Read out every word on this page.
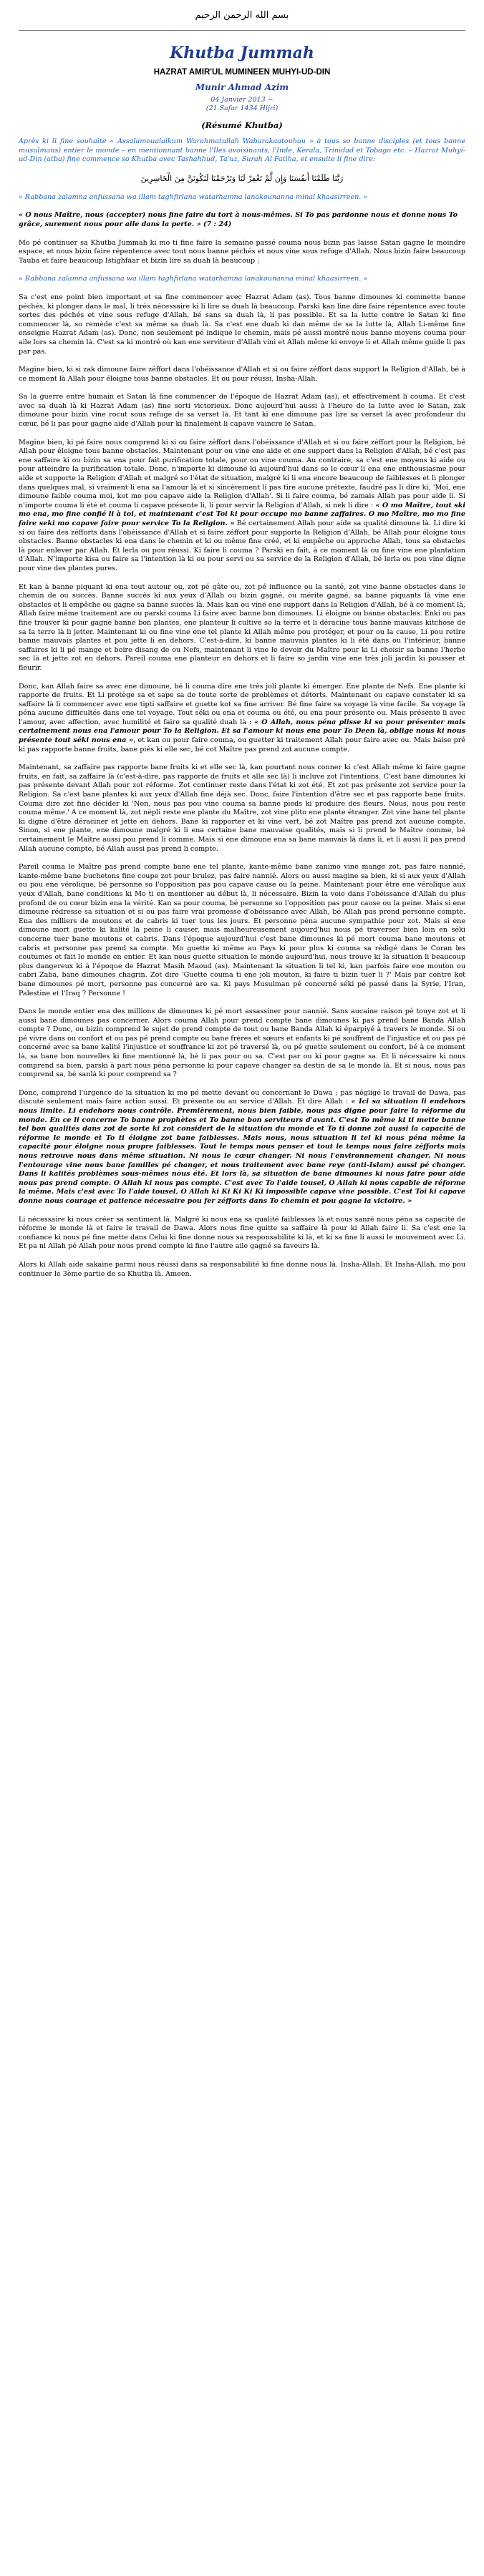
بسم الله الرحمن الرحيم
Khutba Jummah
HAZRAT AMIR'UL MUMINEEN MUHYI-UD-DIN
Munir Ahmad Azim
04 Janvier 2013 ~
(21 Safar 1434 Hijri)
(Résumé Khutba)

Après ki li fine souhaite « Assalamoualaikum Warahmatullah Wabarakaatouhou » à tous so banne disciples (et tous banne musulmans) entier le monde – en mentionnant banne l'Iles avoisinants, l'Inde, Kerala, Trinidad et Tobago etc. – Hazrat Muhyi-ud-Din (atba) fine commence so Khutba avec Tashahhud, Ta'uz, Surah Al Fatiha, et ensuite li fine dire:

رَبَّنَا ظَلَمْنَا أَنفُسَنَا وَإِن لَّمْ تَغْفِرْ لَنَا وَتَرْحَمْنَا لَنَكُونَنَّ مِنَ الْخَاسِرِينَ

« Rabbana zalamna anfussana wa illam taghfirlana watarhamna lanakounanna minal khaasirreen. »

« O nous Maître, nous (accepter) nous fine faire du tort à nous-mêmes. Si To pas pardonne nous et donne nous To grâce, surement nous pour aile dans la perte. » (7 : 24)

Mo pé continuer sa Khutba Jummah ki mo ti fine faire la semaine passé couma nous bizin pas laisse Satan gagne le moindre espace, et nous bizin faire répentence avec tout nous banne péchés et nous vine sous refuge d'Allah. Nous bizin faire beaucoup Tauba et faire beaucoup Istighfaar et bizin lire sa duah là beaucoup :

« Rabbana zalamna anfussana wa illam taghfirlana watarhamna lanakounanna minal khaasirreen. »

Sa c'est ene point bien important et sa fine commencer avec Hazrat Adam (as). Tous banne dimounes ki commette banne péchés, ki plonger dans le mal, li très nécessaire ki li lire sa duah là beaucoup. Parski kan line dire faire répentence avec toute sortes des péchés et vine sous refuge d'Allah, bé sans sa duah là, li pas possible. Et sa la lutte contre le Satan ki fine commencer là, so remède c'est sa même sa duah là. Sa c'est ene duah ki dan même de sa la lutte là, Allah Li-même fine enseigne Hazrat Adam (as). Donc, non seulement pé indique le chemin, mais pé aussi montré nous banne moyens couma pour aile lors sa chemin là. C'est sa ki montré où kan ene serviteur d'Allah vini et Allah même ki envoye li et Allah même guide li pas par pas.

Magine bien, ki si zak dimoune faire zéffort dans l'obéissance d'Allah et si ou faire zéffort dans support la Religion d'Allah, bé à ce moment là Allah pour éloigne tous banne obstacles. Et ou pour réussi, Insha-Allah.

Sa la guerre entre humain et Satan là fine commencer de l'époque de Hazrat Adam (as), et effectivement li couma. Et c'est avec sa duah là ki Hazrat Adam (as) fine sorti victorieux. Donc aujourd'hui aussi à l'heure de la lutte avec le Satan, zak dimoune pour bizin vine rocut sous refuge de sa verset là. Et tant ki ene dimoune pas lire sa verset là avec profondeur du cœur, bé li pas pour gagne aide d'Allah pour ki finalement li capave vaincre le Satan.

Magine bien, ki pé faire nous comprend ki si ou faire zéffort dans l'obéissance d'Allah et si ou faire zéffort pour la Religion, bé Allah pour éloigne tous banne obstacles. Maintenant pour ou vine ene aide et ene support dans la Religion d'Allah, bé c'est pas ene saffaire ki ou bizin sa ena pour fait purification totale, pour ou vine couma. Au contraire, sa c'est ene moyens ki aide ou pour atteindre la purification totale. Donc, n'importe ki dimoune ki aujourd'hui dans so le cœur li ena ene enthousiasme pour aide et supporte la Religion d'Allah et malgré so l'état de situation, malgré ki li ena encore beaucoup de faiblesses et li plonger dans quelques mal, si vraiment li ena sa l'amour là et si sincèrement li pas tire aucune prétexte, faudré pas li dire ki, 'Moi, ene dimoune faible couma moi, kot mo pou capave aide la Religion d'Allah'. Si li faire couma, bé zamais Allah pas pour aide li. Si n'importe couma li été et couma li capave présente li, li pour servir la Religion d'Allah, si nek li dire : « O mo Maître, tout ski mo ena, mo fine confié li à toi, et maintenant c'est Toi ki pour occupe mo banne zaffaires. O mo Maître, mo mo fine faire seki mo capave faire pour service To la Religion. » Bé certainement Allah pour aide sa qualité dimoune là. Li dire ki si ou faire des zéfforts dans l'obéissance d'Allah et si faire zéffort pour supporte la Religion d'Allah, bé Allah pour éloigne tous obstacles. Banne obstacles ki ena dans le chemin et ki ou même fine créé, et ki empêche ou approche Allah, tous sa obstacles là pour enlever par Allah. Et lerla ou pou réussi. Ki faire li couma ? Parski en fait, à ce moment là ou fine vine ene plantation d'Allah. N'importe kisa ou faire sa l'intention là ki ou pour servi ou sa service de la Religion d'Allah, bé lerla ou pou vine digne pour vine des plantes pures.

Et kan à banne piquant ki ena tout autour ou, zot pé gâte ou, zot pé influence ou la santé, zot vine banne obstacles dans le chemin de ou succès. Banne succès ki aux yeux d'Allah ou bizin gagné, ou mérite gagné, sa banne piquants là vine ene obstacles et li empêche ou gagne sa banne succès là. Mais kan ou vine ene support dans la Religion d'Allah, bé à ce moment là, Allah faire même traitement are ou parski couma Li faire avec banne bon dimounes. Li éloigne ou banne obstacles. Enki ou pas fine trouver ki pour gagne banne bon plantes, ene planteur li cultive so la terre et li déracine tous banne mauvais kitchose de sa la terre là li jetter. Maintenant ki ou fine vine ene tel plante ki Allah même pou protéger, et pour ou la cause, Li pou retire banne mauvais plantes et pou jette li en dehors. C'est-à-dire, ki banne mauvais plantes ki li été dans ou l'intérieur, banne saffaires ki li pé mange et boire disang de ou Nefs, maintenant li vine le devoir du Maître pour ki Li choisir sa banne l'herbe sec là et jette zot en dehors. Pareil couma ene planteur en dehors et li faire so jardin vine ene très joli jardin ki pousser et fleurir.

Donc, kan Allah faire sa avec ene dimoune, bé li couma dire ene très joli plante ki émerger. Ene plante de Nefs. Ene plante ki rapporte de fruits. Et Li protège sa et sape sa de toute sorte de problèmes et détorts. Maintenant ou capave constater ki sa saffaire là li commencer avec ene tipti saffaire et guette kot sa fine arriver. Bé fine faire sa voyage là vine facile. Sa voyage là péna aucune difficultés dans ene tel voyage. Tout séki ou ena et couma ou été, ou ena pour présente ou. Mais présente li avec l'amour, avec affection, avec humilité et faire sa qualité duah là : « O Allah, nous péna plisse ki sa pour présenter mais certainement nous ena l'amour pour To la Religion. Et sa l'amour ki nous ena pour To Deen là, oblige nous ki nous présente tout séki nous ena », et kan ou pour faire couma, ou guetter ki traitement Allah pour faire avec ou. Mais baise pré ki pas rapporte banne fruits, bane piés ki elle sec, bé cot Maître pas prend zot aucune compte.

Maintenant, sa zaffaire pas rapporte bane fruits ki et elle sec là, kan pourtant nous conner ki c'est Allah même ki faire gagne fruits, en fait, sa zaffaire là (c'est-à-dire, pas rapporte de fruits et alle sec là) li incluve zot l'intentions. C'est bane dimounes ki pas présente devant Allah pour zot réforme. Zot continuer reste dans l'état ki zot été. Et zot pas présente zot service pour la Religion. Sa c'est bane plantes ki aux yeux d'Allah fine déjà sec. Donc, faire l'intention d'être sec et pas rapporte bane fruits. Couma dire zot fine décider ki 'Non, nous pas pou vine couma sa banne pieds ki produire des fleurs. Nous, nous pou reste couma même.' A ce moment là, zot népli reste ene plante du Maître, zot vine plito ene plante étranger. Zot vine bane tel plante ki digne d'être déraciner et jette en dehors. Bane ki rapporter et ki vine vert, bé zot Maître pas prend zot aucune compte. Sinon, si ene plante, ene dimoune malgré ki li ena certaine bane mauvaise qualités, mais si li prend le Maître comme, bé certainement le Maître aussi pou prend li comme. Mais si ene dimoune ena sa bane mauvais là dans li, et li aussi li pas prend Allah aucune compte, bé Allah aussi pas prend li compte.

Pareil couma le Maître pas prend compte bane ene tel plante, kante-même bane zanimo vine mange zot, pas faire nannié, kante-même bane buchetons fine coupe zot pour brulez, pas faire nannié. Alors ou aussi magine sa bien, ki si aux yeux d'Allah ou pou ene vérolique, bé personne so l'opposition pas pou capave cause ou la peine. Maintenant pour être ene vérolique aux yeux d'Allah, bane conditions ki Mo ti en mentioner au début là, li nécessaire. Bizin la voie dans l'obéissance d'Allah du plus profond de ou cœur bizin ena la vérité. Kan sa pour couma, bé personne so l'opposition pas pour cause ou la peine. Mais si ene dimoune rédresse sa situation et si ou pas faire vrai promesse d'obéissance avec Allah, bé Allah pas prend personne compte. Ena des milliers de moutons et de cabris ki tuer tous les jours. Et personne péna aucune sympathie pour zot. Mais si ene dimoune mort guette ki kalité la peine li causer, mais malheureusement aujourd'hui nous pé traverser bien loin en séki concerne tuer bane moutons et cabris. Dans l'époque aujourd'hui c'est bane dimounes ki pé mort couma bane moutons et cabris et personne pas prend sa compte. Mo guette ki même au Pays ki pour plus ki couma sa rédigé dans le Coran les coutumes et fait le monde en entier. Et kan nous guette situation le monde aujourd'hui, nous trouve ki la situation li beaucoup plus dangereux ki à l'époque de Hazrat Masih Maoud (as). Maintenant la situation li tel ki, kan parfois faire ene mouton ou cabri Zaba, bane dimounes chagrin. Zot dire 'Guette couma ti ene joli mouton, ki faire ti bizin tuer li ?' Mais par contre kot bane dimounes pé mort, personne pas concerné are sa. Ki pays Musulman pé concerné séki pé passé dans la Syrie, l'Iran, Palestine et l'Iraq ? Personne !

Dans le monde entier ena des millions de dimounes ki pé mort assassiner pour nannié. Sans aucaine raison pé touye zot et li aussi bane dimounes pas concerner. Alors couma Allah pour prend compte bane dimounes ki pas prend bane Banda Allah compte ? Donc, ou bizin comprend le sujet de prend compte de tout ou bane Banda Allah ki éparpiyé à travers le monde. Si ou pé vivre dans ou confort et ou pas pé prend compte ou bane frères et sœurs et enfants ki pé souffrent de l'injustice et ou pas pé concerné avec sa bane kalité l'injustice et souffrance ki zot pé traversé là, ou pé guette seulement ou confort, bé à ce moment là, sa bane bon nouvelles ki fine mentionné là, bé li pas pour ou sa. C'est par ou ki pour gagne sa. Et li nécessaire ki nous comprend sa bien, parski à part nous péna personne ki pour capave changer sa destin de sa le monde là. Et si nous, nous pas comprend sa, bé sanlà ki pour comprend sa ?

Donc, comprend l'urgence de la situation ki mo pé mette devant ou concernant le Dawa ; pas négligé le travail de Dawa, pas discuté seulement mais faire action aussi. Et présente ou au service d'Allah. Et dire Allah : « Ici sa situation li endehors nous limite. Li endehors nous contrôle. Premièrement, nous bien faible, nous pas digne pour faire la réforme du monde. En ce li concerne To banne prophètes et To banne bon serviteurs d'avant. C'est To même ki ti mette banne tel bon qualités dans zot de sorte ki zot considert de la situation du monde et To ti donne zot aussi la capacité de réforme le monde et To ti éloigne zot bane faiblesses. Mais nous, nous situation li tel ki nous péna même la capacité pour éloigne nous propre faiblesses. Tout le temps nous penser et tout le temps nous faire zéfforts mais nous retrouve nous dans même situation. Ni nous le cœur changer. Ni nous l'environnement changer. Ni nous l'entourage vine nous bane familles pé changer, et nous traitement avec bane reye (anti-Islam) aussi pé changer. Dans li kalités problèmes sous-mêmes nous été. Et lors là, sa situation de bane dimounes ki nous faire pour aide nous pas prend compte. O Allah ki nous pas compte. C'est avec To l'aide tousel, O Allah ki nous capable de réforme la même. Mais c'est avec To l'aide tousel, O Allah ki Ki Ki Ki Ki impossible capave vine possible. C'est Toi ki capave donne nous courage et patience nécessaire pou fer zéfforts dans To chemin et pou gagne la victoire. »

Li nécessaire ki nous créer sa sentiment là. Malgré ki nous ena sa qualité faiblesses là et nous sanré nous péna sa capacité de réforme le monde là et faire le travail de Dawa. Alors nous fine quitte sa saffaire là pour ki Allah faire li. Sa c'est ene la confiance ki nous pé fine mette dans Celui ki fine donne nous sa responsabilité ki là, et ki sa fine li aussi le mouvement avec Li. Et pa ni Allah pé Allah pour nous prend compte ki fine l'autre aile gagné sa faveurs là.

Alors ki Allah aide sakaine parmi nous réussi dans sa responsabilité ki fine donne nous là. Insha-Allah. Et Insha-Allah, mo pou continuer le 3ème partie de sa Khutba là. Ameen.
